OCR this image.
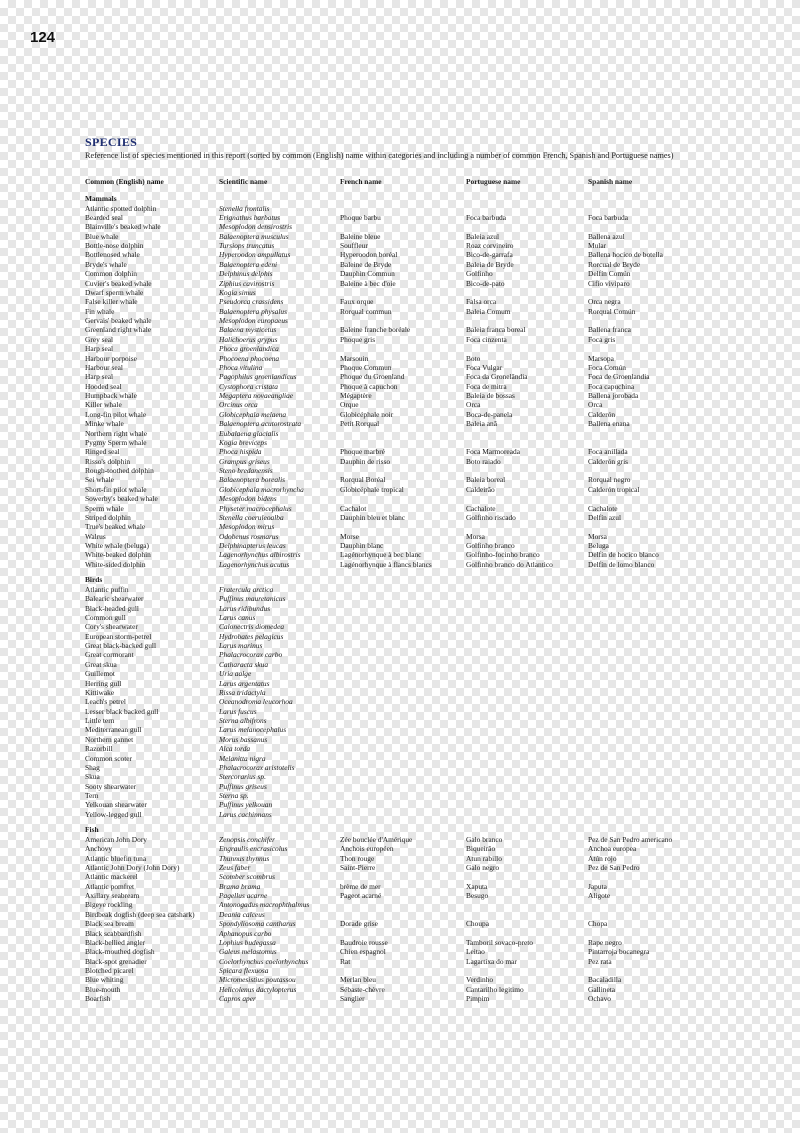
124
SPECIES
Reference list of species mentioned in this report (sorted by common (English) name within categories and including a number of common French, Spanish and Portuguese names)
Common (English) name	Scientific name	French name	Portuguese name	Spanish name
Mammals
Atlantic spotted dolphin	Stenella frontalis
Bearded seal	Erignathus barbatus	Phoque barbu	Foca barbuda	Foca barbuda
Blainville's beaked whale	Mesoplodon densirostris
Blue whale	Balaenoptera musculus	Baleine bleue	Baleia azul	Ballena azul
Bottle-nose dolphin	Tursiops truncatus	Souffleur	Roaz corvineiro	Mular
Bottlenosed whale	Hyperoodon ampullatus	Hyperoodon boréal	Bico-de-garrafa	Ballena hocico de botella
Bryde's whale	Balaenoptera edeni	Baleine de Bryde	Baleia de Bryde	Rorcual de Bryde
Common dolphin	Delphinus delphis	Dauphin Commun	Golfinho	Delfín Común
Cuvier's beaked whale	Ziphius cavirostris	Baleine à bec d'oie	Bico-de-pato	Cifio viviparo
Dwarf sperm whale	Kogia simus
False killer whale	Pseudorca crassidens	Faux orque	Falsa orca	Orca negra
Fin whale	Balaenoptera physalus	Rorqual commun	Baleia Comum	Rorqual Común
Gervais' beaked whale	Mesoplodon europaeus
Greenland right whale	Balaena mysticetus	Baleine franche boréale	Baleia franca boreal	Ballena franca
Grey seal	Halichoerus grypus	Phoque gris	Foca cinzenta	Foca gris
Harp seal	Phoca groenlandica
Harbour porpoise	Phocoena phocoena	Marsouin	Boto	Marsopa
Harbour seal	Phoca vitulina	Phoque Commun	Foca Vulgar	Foca Común
Harp seal	Pagophilus groenlandicus	Phoque du Groenland	Foca da Gronelândia	Foca de Groenlandia
Hooded seal	Cystophora cristata	Phoque à capuchon	Foca de mitra	Foca capuchina
Humpback whale	Megaptera novaeangliae	Mégaptère	Baleia de bossas	Ballena jorobada
Killer whale	Orcinus orca	Orque	Orca	Orca
Long-fin pilot whale	Globicephala melaena	Globicéphale noir	Boca-de-panela	Calderón
Minke whale	Balaenoptera acutorostrata	Petit Rorqual	Baleia anã	Ballena enana
Northern right whale	Eubalaena glacialis
Pygmy Sperm whale	Kogia breviceps
Ringed seal	Phoca hispida	Phoque marbré	Foca Marmoreada	Foca anillada
Risso's dolphin	Grampus griseus	Dauphin de risso	Boto raiado	Calderón gris
Rough-toothed dolphin	Steno bredanensis
Sei whale	Balaenoptera borealis	Rorqual Boréal	Baleia boreal	Rorqual negro
Short-fin pilot whale	Globicephala macrorhyncha	Globicéphale tropical	Caldeirão	Calderón tropical
Sowerby's beaked whale	Mesoplodon bidens
Sperm whale	Physeter macrocephalus	Cachalot	Cachalote	Cachalote
Striped dolphin	Stenella coeruleoalba	Dauphin bleu et blanc	Golfinho riscado	Delfín azul
True's beaked whale	Mesoplodon mirus
Walrus	Odobenus rosmarus	Morse	Morsa	Morsa
White whale (beluga)	Delphinapterus leucas	Dauphin blanc	Golfinho branco	Beluga
White-beaked dolphin	Lagenorhynchus albirostris	Lagénorhynque à bec blanc	Golfinho-focinho branco	Delfín de hocico blanco
White-sided dolphin	Lagenorhynchus acutus	Lagénorhynque à flancs blancs	Golfinho branco do Atlantico	Delfín de lomo blanco
Birds
Atlantic puffin	Fratercula arctica
Balearic shearwater	Puffinus mauretanicus
Black-headed gull	Larus ridibundus
Common gull	Larus canus
Cory's shearwater	Calonectris diomedea
European storm-petrel	Hydrobates pelagicus
Great black-backed gull	Larus marinus
Great cormorant	Phalacrocorax carbo
Great skua	Catharacta skua
Guillemot	Uria aalge
Herring gull	Larus argentatus
Kittiwake	Rissa tridactyla
Leach's petrel	Oceanodroma leucorhoa
Lesser black backed gull	Larus fuscus
Little tern	Sterna albifrons
Mediterranean gull	Larus melanocephalus
Northern gannet	Morus bassanus
Razorbill	Alca torda
Common scoter	Melanitta nigra
Shag	Phalacrocorax aristotelis
Skua	Stercorarius sp.
Sooty shearwater	Puffinus griseus
Tern	Sterna sp.
Yelkouan shearwater	Puffinus yelkouan
Yellow-legged gull	Larus cachinnans
Fish
American John Dory	Zenopsis conchifer	Zée bouclée d'Amérique	Galo branco	Pez de San Pedro americano
Anchovy	Engraulis encrasicolus	Anchois européen	Biqueirão	Anchoa europea
Atlantic bluefin tuna	Thunnus thynnus	Thon rouge	Atun rabillo	Atún rojo
Atlantic John Dory (John Dory)	Zeus faber	Saint-Pierre	Galo negro	Pez de San Pedro
Atlantic mackerel	Scomber scombrus
Atlantic pomfret	Brama brama	brème de mer	Xaputa	Japuta
Axillary seabream	Pagellus acarne	Pageot acarné	Besugo	Aligote
Bigeye rockling	Antonogadus macrophthalmus
Birdbeak dogfish (deep sea catshark)	Deania calceus
Black sea bream	Spondyliosoma cantharus	Dorade grise	Choupa	Chopa
Black scabbardfish	Aphanopus carbo
Black-bellied angler	Lophius budegassa	Baudroie rousse	Tamboril sovaco-preto	Rape negro
Black-mouthed dogfish	Galeus melastomus	Chien espagnol	Leitao	Pintarroja bocanegra
Black-spot grenadier	Coelorhynchus coelorhynchus	Rat	Lagartixa do mar	Pez rata
Blotched picarel	Spicara flexuosa
Blue whiting	Micromesistius poutassou	Merlan bleu	Verdinho	Bacaladilla
Blue-mouth	Helicolenus dactylopterus	Sébaste-chèvre	Cantarilho legitimo	Gallineta
Boarfish	Capros aper	Sanglier	Pimpim	Ochavo
